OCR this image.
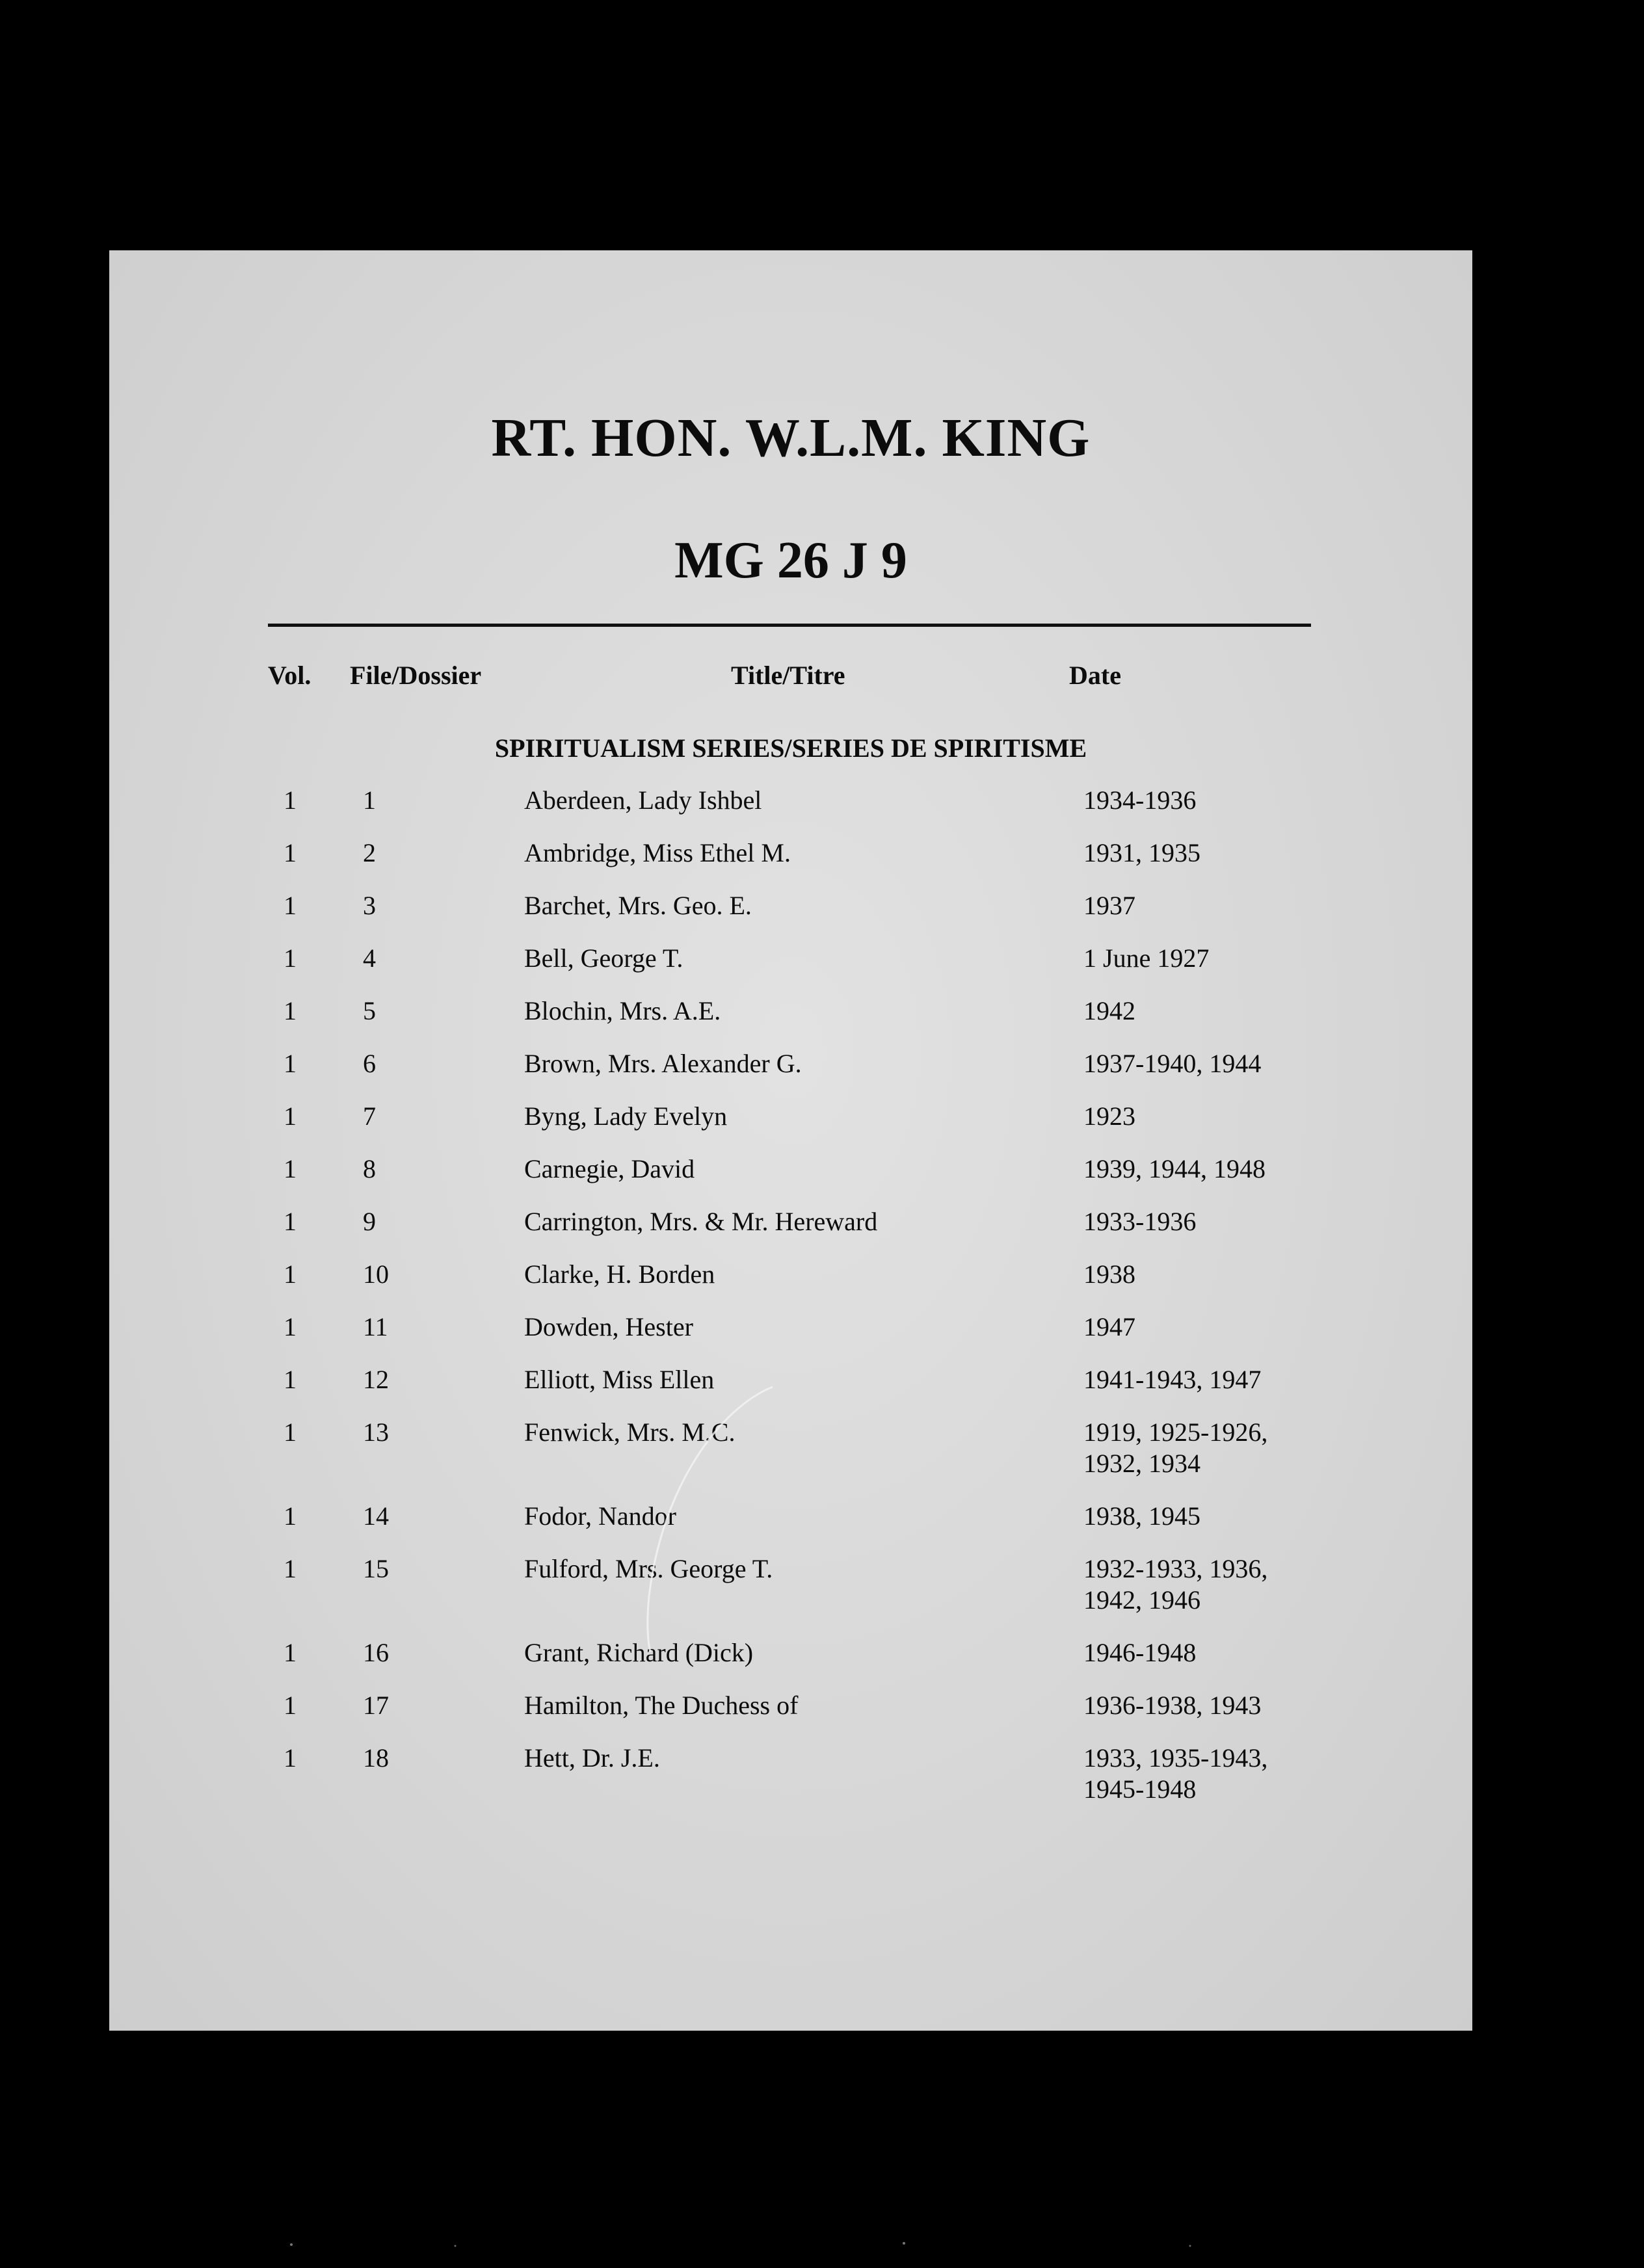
RT. HON. W.L.M. KING
MG 26 J 9
Vol. File/Dossier	Title/Titre	Date
SPIRITUALISM SERIES/SERIES DE SPIRITISME
1	1	Aberdeen, Lady Ishbel	1934-1936
1	2	Ambridge, Miss Ethel M.	1931, 1935
1	3	Barchet, Mrs. Geo. E.	1937
1	4	Bell, George T.	1 June 1927
1	5	Blochin, Mrs. A.E.	1942
1	6	Brown, Mrs. Alexander G.	1937-1940, 1944
1	7	Byng, Lady Evelyn	1923
1	8	Carnegie, David	1939, 1944, 1948
1	9	Carrington, Mrs. & Mr. Hereward	1933-1936
1	10	Clarke, H. Borden	1938
1	11	Dowden, Hester	1947
1	12	Elliott, Miss Ellen	1941-1943, 1947
1	13	Fenwick, Mrs. M.C.	1919, 1925-1926,
1932, 1934
1	14	Fodor, Nandor	1938, 1945
1	15	Fulford, Mrs. George T.	1932-1933, 1936,
1942, 1946
1	16	Grant, Richard (Dick)	1946-1948
1	17	Hamilton, The Duchess of	1936-1938, 1943
1	18	Hett, Dr. J.E.	1933, 1935-1943,
1945-1948
